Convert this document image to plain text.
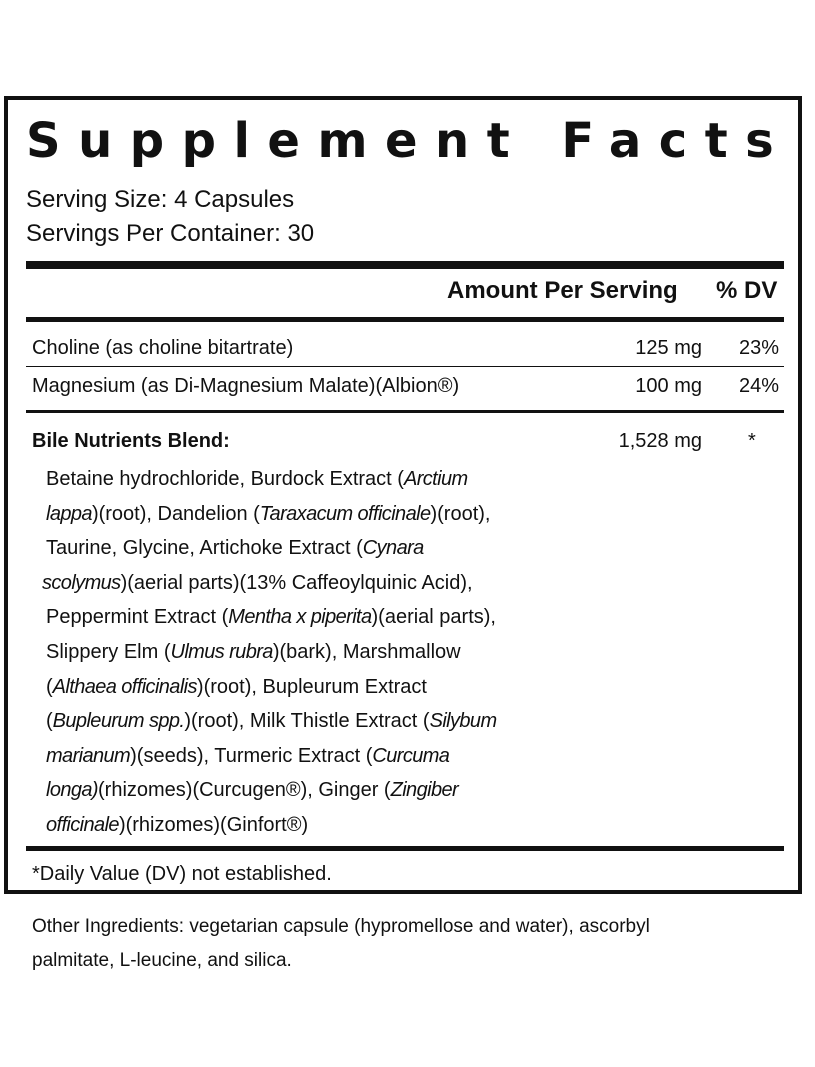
Supplement Facts
Serving Size: 4 Capsules
Servings Per Container: 30
Amount Per Serving % DV
Choline (as choline bitartrate)	125 mg 23%
Magnesium (as Di-Magnesium Malate)(Albion®)	100 mg 24%
Bile Nutrients Blend:	1,528 mg *
Betaine hydrochloride, Burdock Extract (Arctium
lappa)(root), Dandelion (Taraxacum officinale)(root),
Taurine, Glycine, Artichoke Extract (Cynara
scolymus)(aerial parts)(13% Caffeoylquinic Acid),
Peppermint Extract (Mentha x piperita)(aerial parts),
Slippery Elm (Ulmus rubra)(bark), Marshmallow
(Althaea officinalis)(root), Bupleurum Extract
(Bupleurum spp.)(root), Milk Thistle Extract (Silybum
marianum)(seeds), Turmeric Extract (Curcuma
longa)(rhizomes)(Curcugen®), Ginger (Zingiber
officinale)(rhizomes)(Ginfort®)
*Daily Value (DV) not established.
Other Ingredients: vegetarian capsule (hypromellose and water), ascorbyl
palmitate, L-leucine, and silica.
